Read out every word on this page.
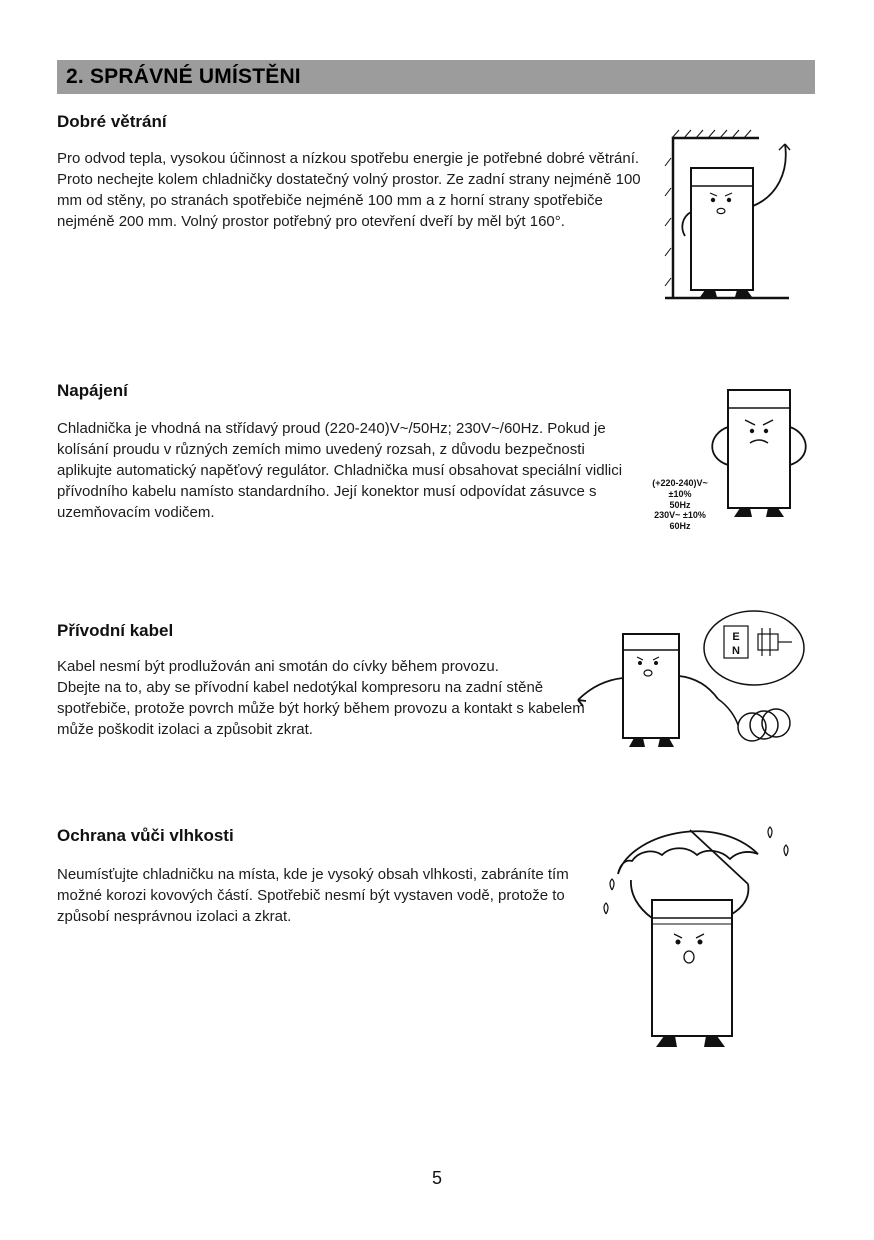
2. SPRÁVNÉ UMÍSTĚNI
Dobré větrání
Pro odvod tepla, vysokou účinnost a nízkou spotřebu energie je potřebné dobré větrání. Proto nechejte kolem chladničky dostatečný volný prostor. Ze zadní strany nejméně 100 mm od stěny, po stranách spotřebiče nejméně 100 mm a z horní strany spotřebiče nejméně 200 mm. Volný prostor potřebný pro otevření dveří by měl být 160°.
Napájení
Chladnička je vhodná na střídavý proud (220-240)V~/50Hz; 230V~/60Hz. Pokud je kolísání proudu v různých zemích mimo uvedený rozsah, z důvodu bezpečnosti aplikujte automatický napěťový regulátor. Chladnička musí obsahovat speciální vidlici přívodního kabelu namísto standardního. Její konektor musí odpovídat zásuvce s uzemňovacím vodičem.
(+220-240)V~
±10%
50Hz
230V~ ±10%
60Hz
Přívodní kabel

Kabel nesmí být prodlužován ani smotán do cívky během provozu.

Dbejte na to, aby se přívodní kabel nedotýkal kompresoru na zadní stěně spotřebiče, protože povrch může být horký během provozu a kontakt s kabelem může poškodit izolaci a způsobit zkrat.

E
N
Ochrana vůči vlhkosti
Neumísťujte chladničku na místa, kde je vysoký obsah vlhkosti, zabráníte tím možné korozi kovových částí. Spotřebič nesmí být vystaven vodě, protože to způsobí nesprávnou izolaci a zkrat.
5
